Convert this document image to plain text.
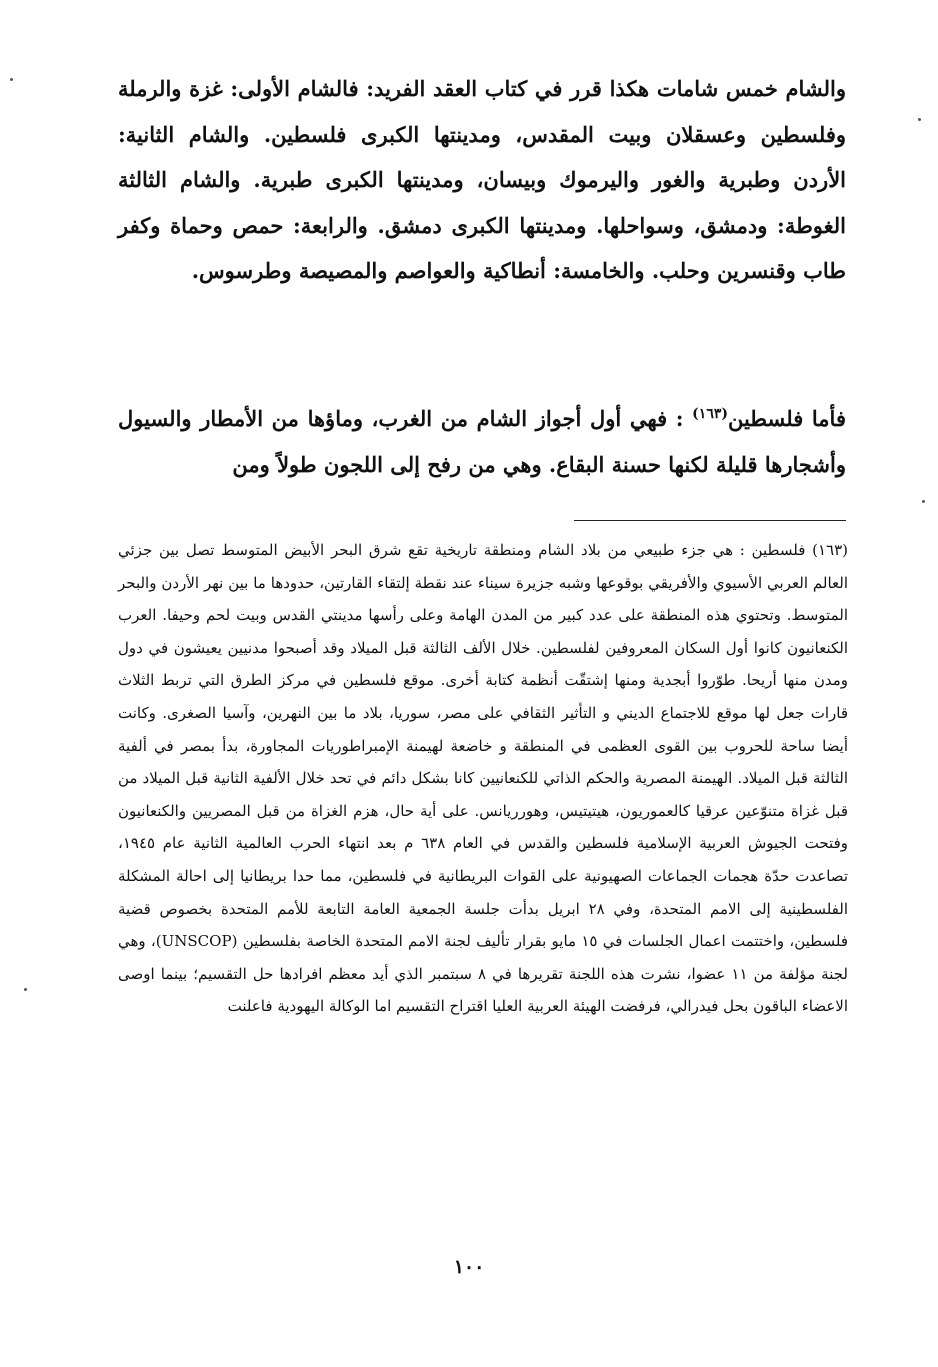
والشام خمس شامات هكذا قرر في كتاب العقد الفريد: فالشام الأولى: غزة والرملة وفلسطين وعسقلان وبيت المقدس، ومدينتها الكبرى فلسطين. والشام الثانية: الأردن وطبرية والغور واليرموك وبيسان، ومدينتها الكبرى طبرية. والشام الثالثة الغوطة: ودمشق، وسواحلها. ومدينتها الكبرى دمشق. والرابعة: حمص وحماة وكفر طاب وقنسرين وحلب. والخامسة: أنطاكية والعواصم والمصيصة وطرسوس.

فأما فلسطين$^{(١٦٣)}$ : فهي أول أجواز الشام من الغرب، وماؤها من الأمطار والسيول وأشجارها قليلة لكنها حسنة البقاع. وهي من رفح إلى اللجون طولاً ومن

(١٦٣) فلسطين : هي جزء طبيعي من بلاد الشام ومنطقة تاريخية تقع شرق البحر الأبيض المتوسط تصل بين جزئي العالم العربي الأسيوي والأفريقي بوقوعها وشبه جزيرة سيناء عند نقطة إلتقاء القارتين، حدودها ما بين نهر الأردن والبحر المتوسط. وتحتوي هذه المنطقة على عدد كبير من المدن الهامة وعلى رأسها مدينتي القدس وبيت لحم وحيفا. العرب الكنعانيون كانوا أول السكان المعروفين لفلسطين. خلال الألف الثالثة قبل الميلاد وقد أصبحوا مدنيين يعيشون في دول ومدن منها أريحا. طوّروا أبجدية ومنها إشتقّت أنظمة كتابة أخرى. موقع فلسطين في مركز الطرق التي تربط الثلاث قارات جعل لها موقع للاجتماع الديني و التأثير الثقافي على مصر، سوريا، بلاد ما بين النهرين، وآسيا الصغرى. وكانت أيضا ساحة للحروب بين القوى العظمى في المنطقة و خاضعة لهيمنة الإمبراطوريات المجاورة، بدأ بمصر في ألفية الثالثة قبل الميلاد. الهيمنة المصرية والحكم الذاتي للكنعانيين كانا بشكل دائم في تحد خلال الألفية الثانية قبل الميلاد من قبل غزاة متنوّعين عرقيا كالعموريون، هيتيتيس، وهورريانس. على أية حال، هزم الغزاة من قبل المصريين والكنعانيون وفتحت الجيوش العربية الإسلامية فلسطين والقدس في العام ٦٣٨ م بعد انتهاء الحرب العالمية الثانية عام ١٩٤٥، تصاعدت حدّة هجمات الجماعات الصهيونية على القوات البريطانية في فلسطين، مما حدا بريطانيا إلى احالة المشكلة الفلسطينية إلى الامم المتحدة، وفي ٢٨ ابريل بدأت جلسة الجمعية العامة التابعة للأمم المتحدة بخصوص قضية فلسطين، واختتمت اعمال الجلسات في ١٥ مايو بقرار تأليف لجنة الامم المتحدة الخاصة بفلسطين (UNSCOP)، وهي لجنة مؤلفة من ١١ عضوا، نشرت هذه اللجنة تقريرها في ٨ سبتمبر الذي أيد معظم افرادها حل التقسيم؛ بينما اوصى الاعضاء الباقون بحل فيدرالي، فرفضت الهيئة العربية العليا اقتراح التقسيم اما الوكالة اليهودية فاعلنت

١٠٠
